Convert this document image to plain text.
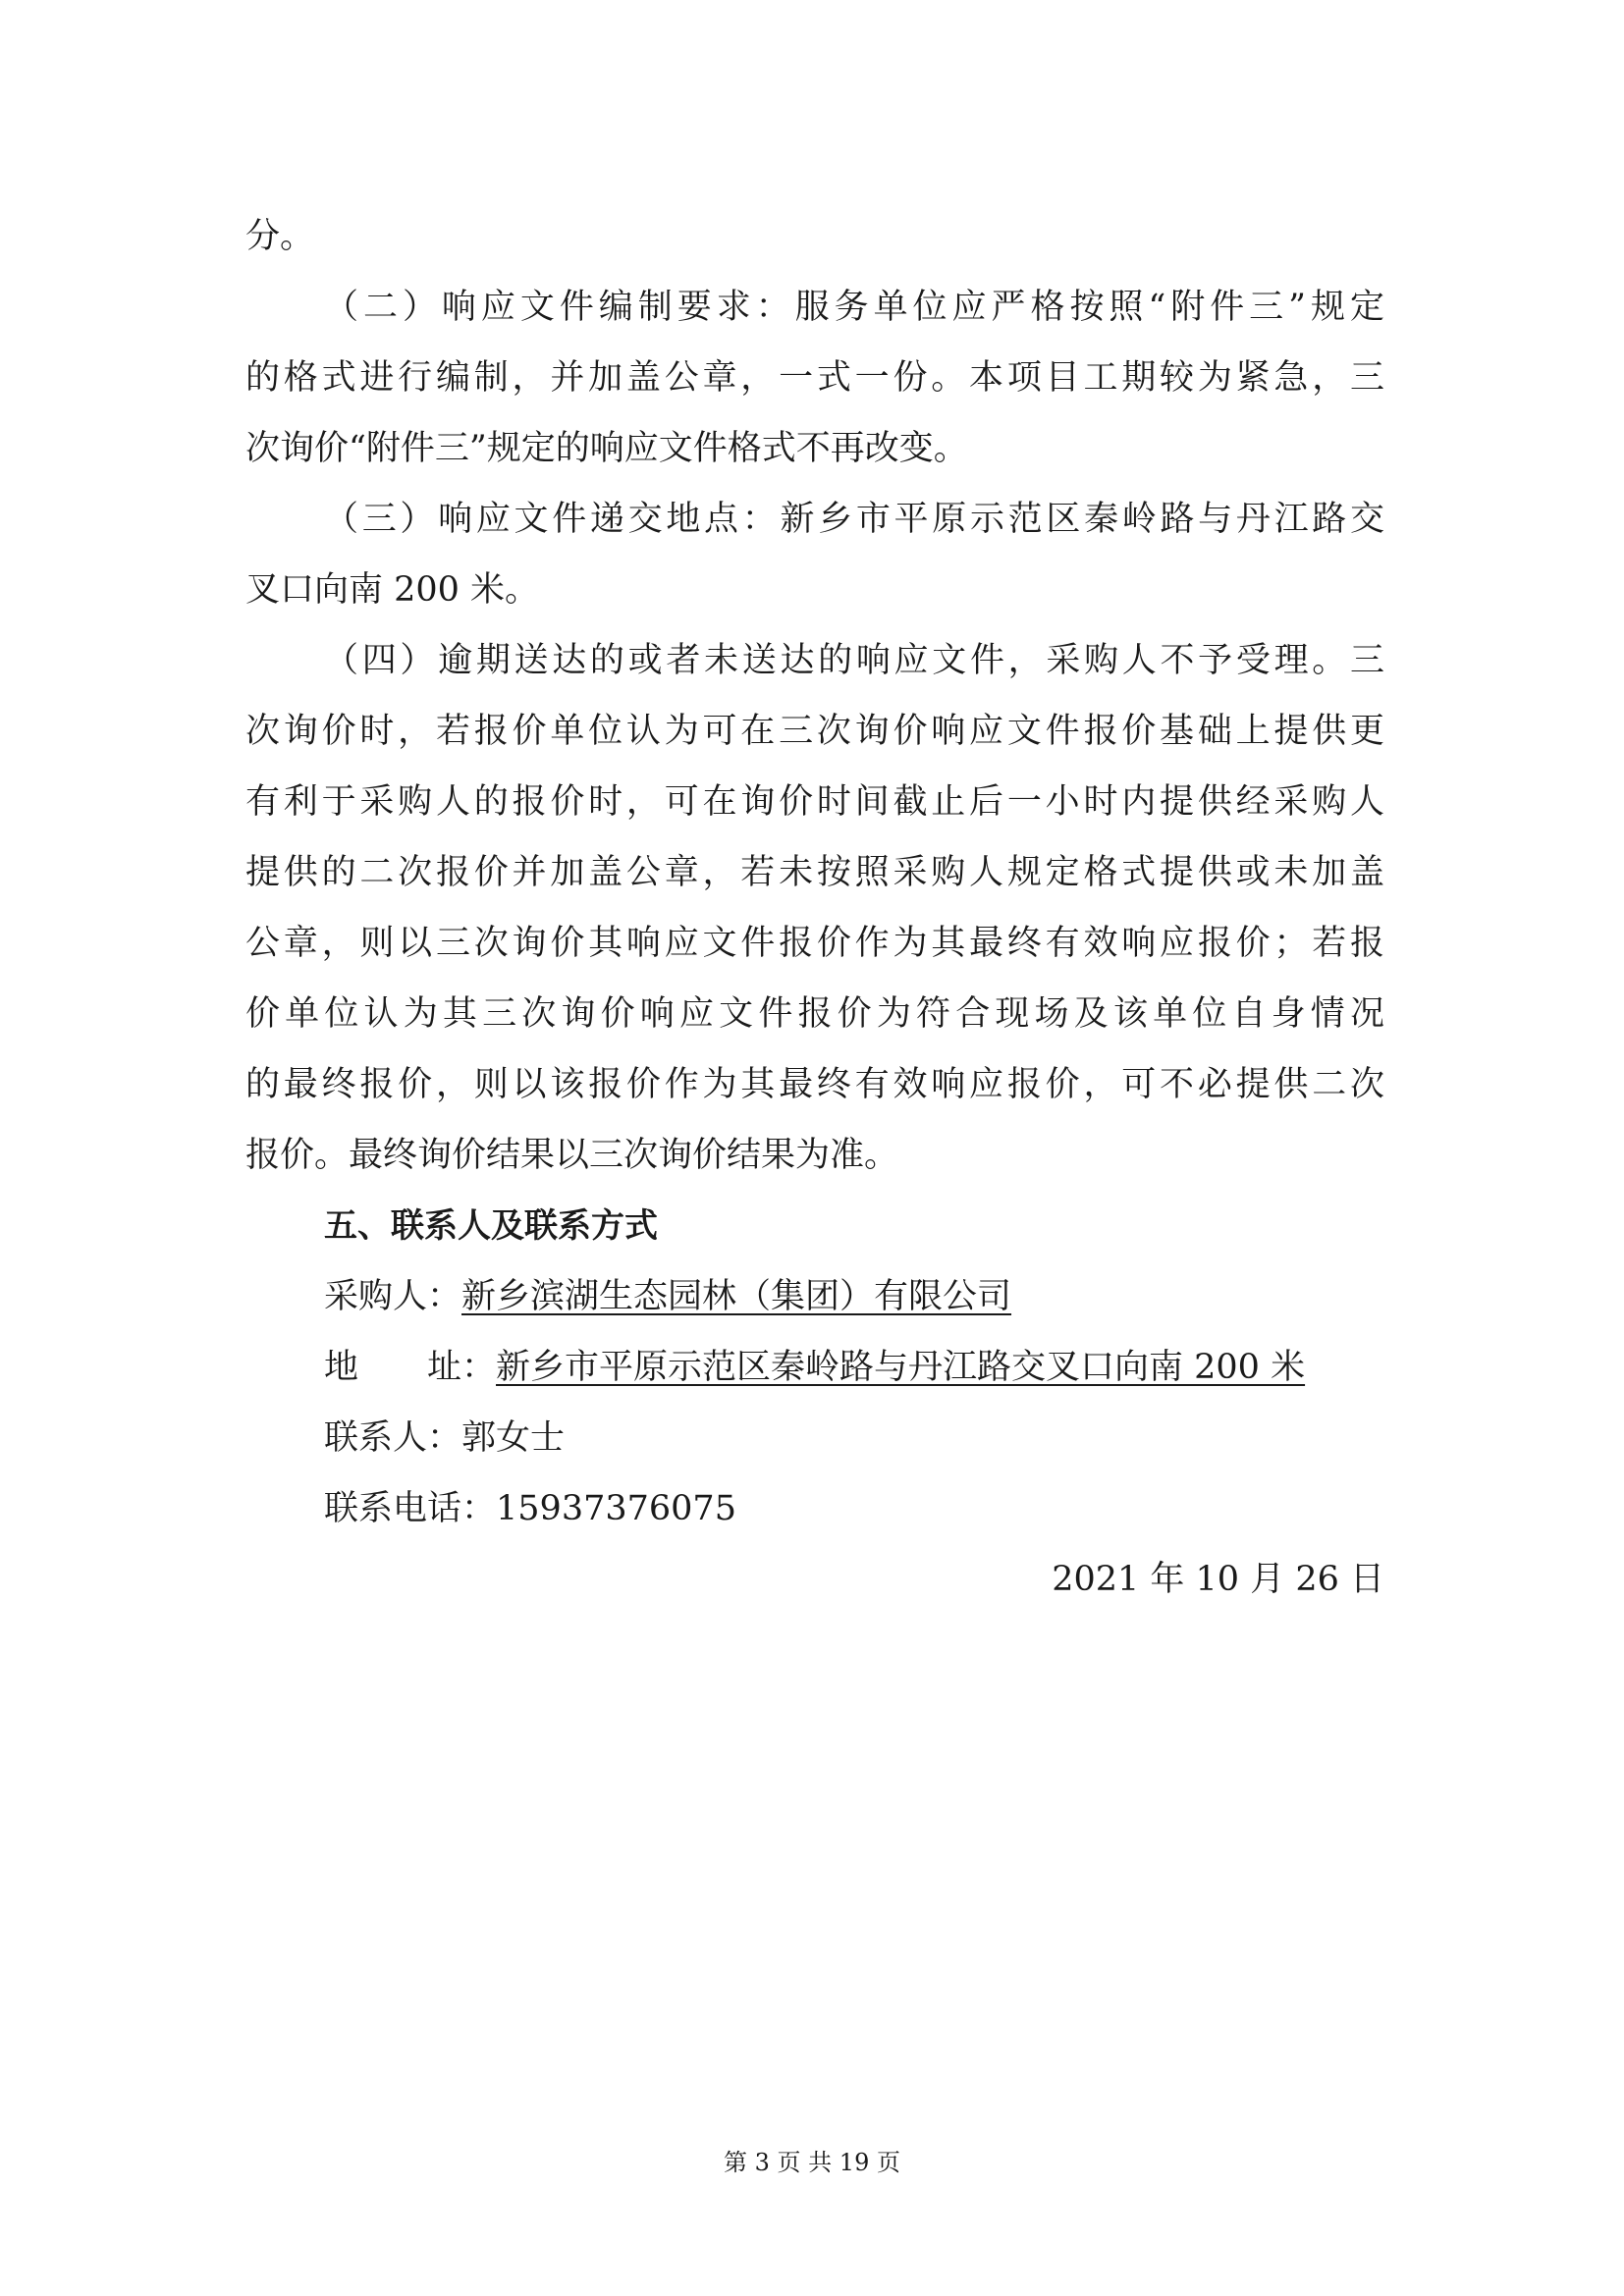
分。
（二）响应文件编制要求：服务单位应严格按照“附件三”规定
的格式进行编制，并加盖公章，一式一份。本项目工期较为紧急，三
次询价“附件三”规定的响应文件格式不再改变。
（三）响应文件递交地点：新乡市平原示范区秦岭路与丹江路交
叉口向南 200 米。
（四）逾期送达的或者未送达的响应文件，采购人不予受理。三
次询价时，若报价单位认为可在三次询价响应文件报价基础上提供更
有利于采购人的报价时，可在询价时间截止后一小时内提供经采购人
提供的二次报价并加盖公章，若未按照采购人规定格式提供或未加盖
公章，则以三次询价其响应文件报价作为其最终有效响应报价；若报
价单位认为其三次询价响应文件报价为符合现场及该单位自身情况
的最终报价，则以该报价作为其最终有效响应报价，可不必提供二次
报价。最终询价结果以三次询价结果为准。
五、联系人及联系方式
采购人：新乡滨湖生态园林（集团）有限公司
地 址：新乡市平原示范区秦岭路与丹江路交叉口向南 200 米
联系人：郭女士
联系电话：15937376075
2021 年 10 月 26 日
第 3 页 共 19 页
